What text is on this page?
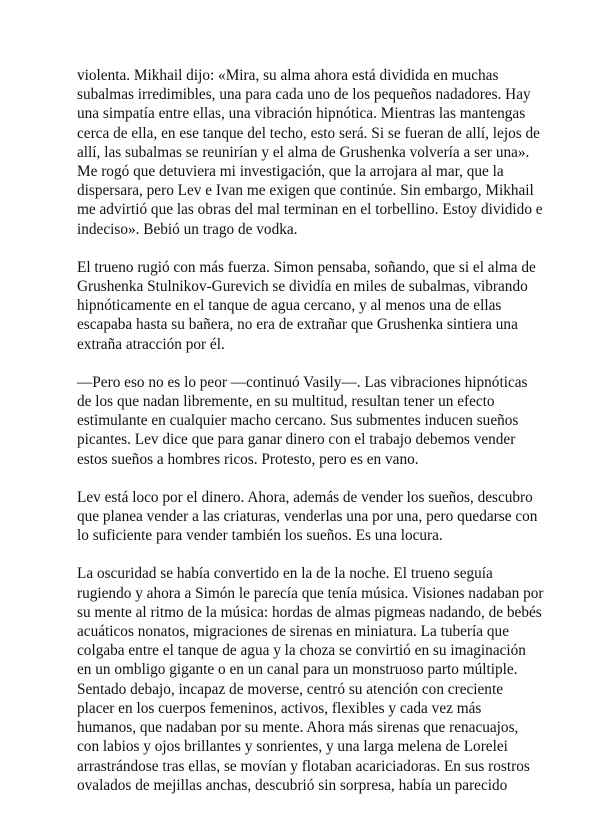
violenta. Mikhail dijo: «Mira, su alma ahora está dividida en muchas
subalmas irredimibles, una para cada uno de los pequeños nadadores. Hay
una simpatía entre ellas, una vibración hipnótica. Mientras las mantengas
cerca de ella, en ese tanque del techo, esto será. Si se fueran de allí, lejos de
allí, las subalmas se reunirían y el alma de Grushenka volvería a ser una».
Me rogó que detuviera mi investigación, que la arrojara al mar, que la
dispersara, pero Lev e Ivan me exigen que continúe. Sin embargo, Mikhail
me advirtió que las obras del mal terminan en el torbellino. Estoy dividido e
indeciso». Bebió un trago de vodka.
El trueno rugió con más fuerza. Simon pensaba, soñando, que si el alma de
Grushenka Stulnikov-Gurevich se dividía en miles de subalmas, vibrando
hipnóticamente en el tanque de agua cercano, y al menos una de ellas
escapaba hasta su bañera, no era de extrañar que Grushenka sintiera una
extraña atracción por él.
—Pero eso no es lo peor —continuó Vasily—. Las vibraciones hipnóticas
de los que nadan libremente, en su multitud, resultan tener un efecto
estimulante en cualquier macho cercano. Sus submentes inducen sueños
picantes. Lev dice que para ganar dinero con el trabajo debemos vender
estos sueños a hombres ricos. Protesto, pero es en vano.
Lev está loco por el dinero. Ahora, además de vender los sueños, descubro
que planea vender a las criaturas, venderlas una por una, pero quedarse con
lo suficiente para vender también los sueños. Es una locura.
La oscuridad se había convertido en la de la noche. El trueno seguía
rugiendo y ahora a Simón le parecía que tenía música. Visiones nadaban por
su mente al ritmo de la música: hordas de almas pigmeas nadando, de bebés
acuáticos nonatos, migraciones de sirenas en miniatura. La tubería que
colgaba entre el tanque de agua y la choza se convirtió en su imaginación
en un ombligo gigante o en un canal para un monstruoso parto múltiple.
Sentado debajo, incapaz de moverse, centró su atención con creciente
placer en los cuerpos femeninos, activos, flexibles y cada vez más
humanos, que nadaban por su mente. Ahora más sirenas que renacuajos,
con labios y ojos brillantes y sonrientes, y una larga melena de Lorelei
arrastrándose tras ellas, se movían y flotaban acariciadoras. En sus rostros
ovalados de mejillas anchas, descubrió sin sorpresa, había un parecido
